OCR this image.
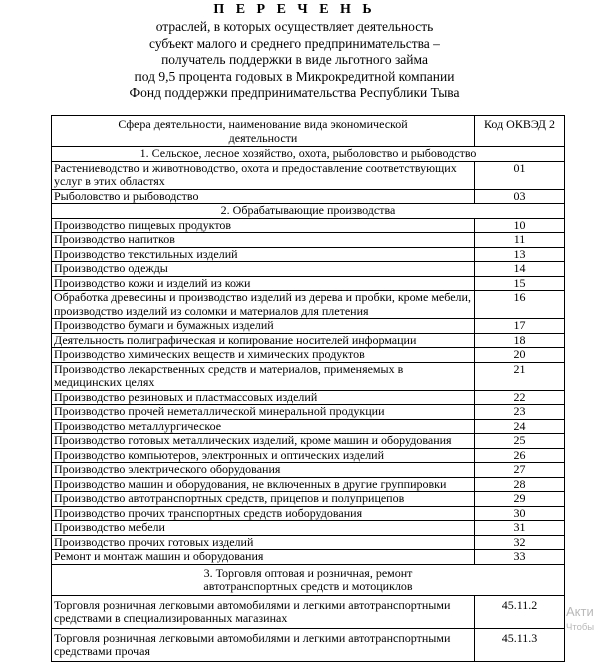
П Е Р Е Ч Е Н Ь
отраслей, в которых осуществляет деятельность
субъект малого и среднего предпринимательства –
получатель поддержки в виде льготного займа
под 9,5 процента годовых в Микрокредитной компании
Фонд поддержки предпринимательства Республики Тыва
Сфера деятельности, наименование вида экономической деятельности	Код ОКВЭД 2
1. Сельское, лесное хозяйство, охота, рыболовство и рыбоводство	
Растениеводство и животноводство, охота и предоставление соответствующих услуг в этих областях	01
Рыболовство и рыбоводство	03
2. Обрабатывающие производства	
Производство пищевых продуктов	10
Производство напитков	11
Производство текстильных изделий	13
Производство одежды	14
Производство кожи и изделий из кожи	15
Обработка древесины и производство изделий из дерева и пробки, кроме мебели, производство изделий из соломки и материалов для плетения	16
Производство бумаги и бумажных изделий	17
Деятельность полиграфическая и копирование носителей информации	18
Производство химических веществ и химических продуктов	20
Производство лекарственных средств и материалов, применяемых в медицинских целях	21
Производство резиновых и пластмассовых изделий	22
Производство прочей неметаллической минеральной продукции	23
Производство металлургическое	24
Производство готовых металлических изделий, кроме машин и оборудования	25
Производство компьютеров, электронных и оптических изделий	26
Производство электрического оборудования	27
Производство машин и оборудования, не включенных в другие группировки	28
Производство автотранспортных средств, прицепов и полуприцепов	29
Производство прочих транспортных средств иоборудования	30
Производство мебели	31
Производство прочих готовых изделий	32
Ремонт и монтаж машин и оборудования	33
3. Торговля оптовая и розничная, ремонт автотранспортных средств и мотоциклов	
Торговля розничная легковыми автомобилями и легкими автотранспортными средствами в специализированных магазинах	45.11.2
Торговля розничная легковыми автомобилями и легкими автотранспортными средствами прочая	45.11.3
Акти
Чтобы
